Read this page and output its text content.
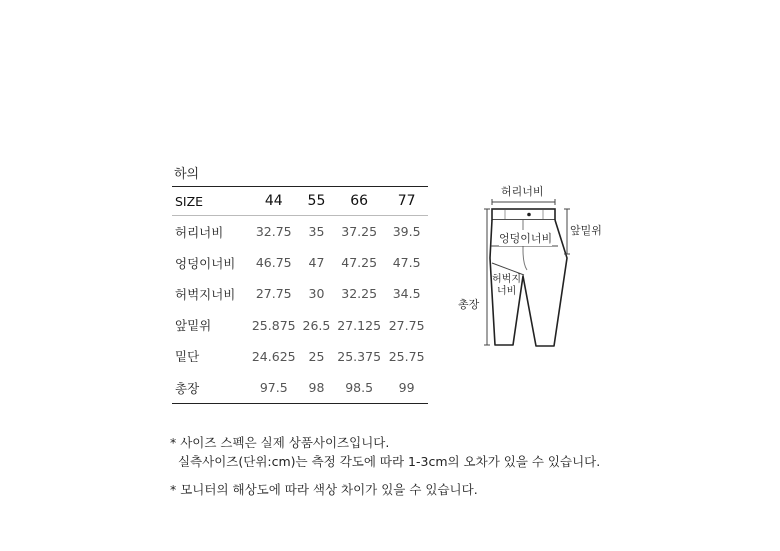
하의
SIZE	44	55	66	77
허리너비	32.75	35	37.25	39.5
엉덩이너비	46.75	47	47.25	47.5
허벅지너비	27.75	30	32.25	34.5
앞밑위	25.875	26.5	27.125	27.75
밑단	24.625	25	25.375	25.75
총장	97.5	98	98.5	99
허리너비
앞밑위
엉덩이너비
허벅지
너비
총장
* 사이즈 스펙은 실제 상품사이즈입니다.
실측사이즈(단위:cm)는 측정 각도에 따라 1-3cm의 오차가 있을 수 있습니다.
* 모니터의 해상도에 따라 색상 차이가 있을 수 있습니다.
